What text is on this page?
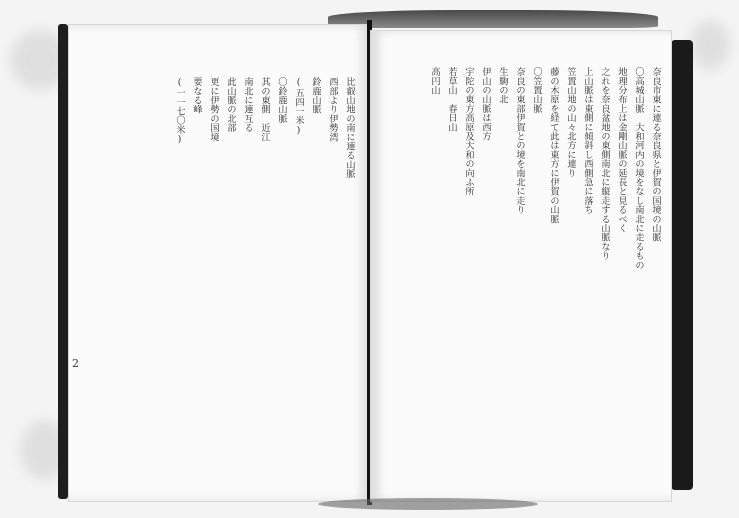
比叡山地の南に連る山脈
西部より伊勢湾
鈴鹿山脈
(五四一米)
〇鈴鹿山脈
其の東側　近江
南北に連互る
此山脈の北部
更に伊勢の国境
要なる峰
(一一七〇米)
2
奈良市東に連る奈良県と伊賀の国境の山脈
〇高城山脈　大和河内の境をなし南北に走るもの
地理分布上は金剛山脈の延長と見るべく
之れを奈良盆地の東側南北に縦走する山脈なり
上山脈は東側に傾斜し西側急に落ち
笠置山地の山々北方に連り
藤の木原を経て此は東方に伊賀の山脈
〇笠置山脈
奈良の東部伊賀との境を南北に走り
生駒の北
伊山の山脈は西方
宇陀の東方高原及大和の向ふ所
若草山　春日山
高円山
